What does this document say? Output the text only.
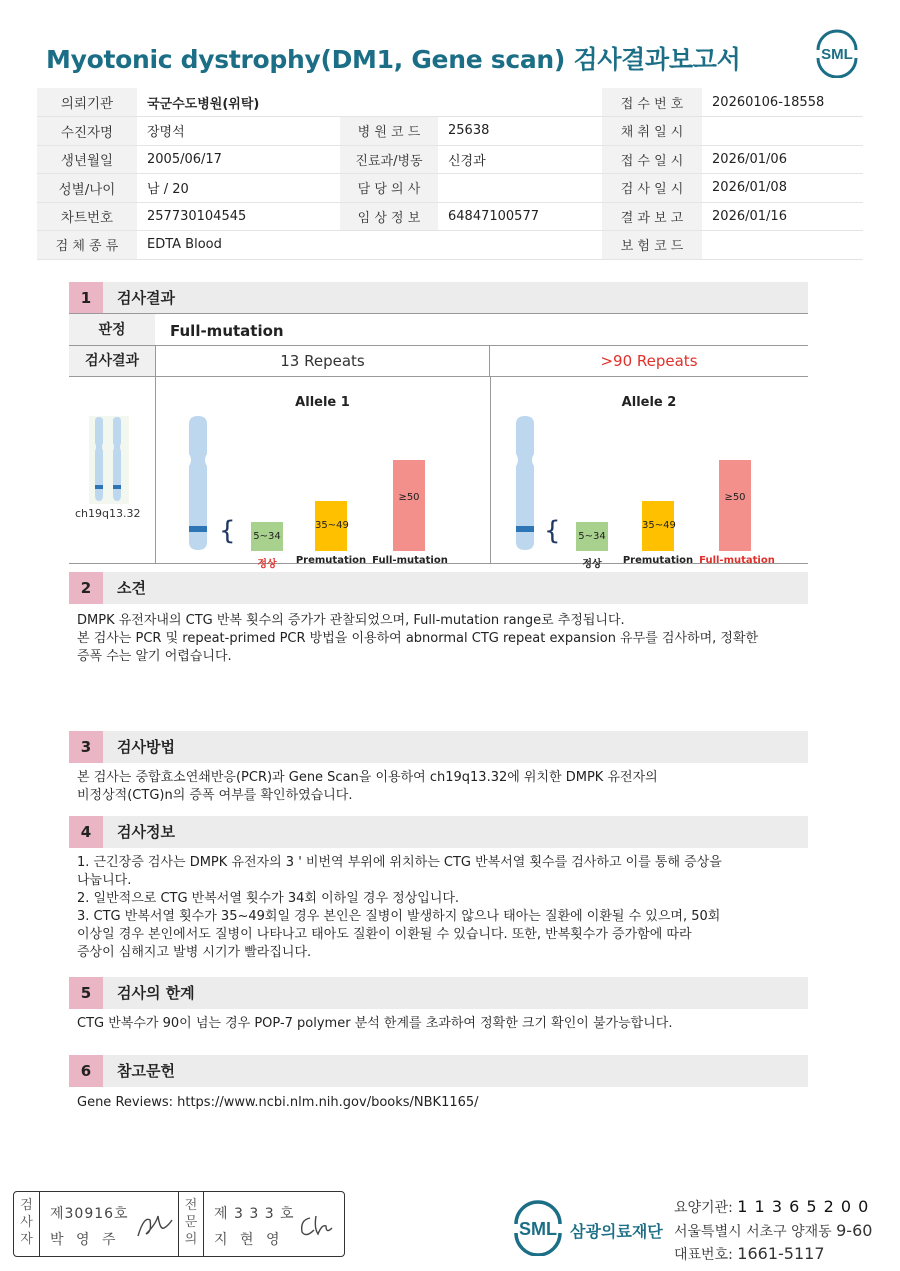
Myotonic dystrophy(DM1, Gene scan) 검사결과보고서	SML
의뢰기관	국군수도병원(위탁)			접 수 번 호	20260106-18558
수진자명	장명석	병 원 코 드	25638	채 취 일 시	
생년월일	2005/06/17	진료과/병동	신경과	접 수 일 시	2026/01/06
성별/나이	남 / 20	담 당 의 사		검 사 일 시	2026/01/08
차트번호	257730104545	임 상 정 보	64847100577	결 과 보 고	2026/01/16
검 체 종 류	EDTA Blood			보 험 코 드	
1	검사결과
판정	Full-mutation
검사결과	13 Repeats	>90 Repeats
ch19q13.32
Allele 1
{ 5~34
35~49
≥50
정상	Premutation Full-mutation
Allele 2
{ 5~34
35~49
≥50
정상	Premutation Full-mutation
2	소견

DMPK 유전자내의 CTG 반복 횟수의 증가가 관찰되었으며, Full-mutation range로 추정됩니다.

본 검사는 PCR 및 repeat-primed PCR 방법을 이용하여 abnormal CTG repeat expansion 유무를 검사하며, 정확한

증폭 수는 알기 어렵습니다.

3	검사방법

본 검사는 중합효소연쇄반응(PCR)과 Gene Scan을 이용하여 ch19q13.32에 위치한 DMPK 유전자의

비정상적(CTG)n의 증폭 여부를 확인하였습니다.

4	검사정보

1. 근긴장증 검사는 DMPK 유전자의 3 ' 비번역 부위에 위치하는 CTG 반복서열 횟수를 검사하고 이를 통해 증상을

나눕니다.

2. 일반적으로 CTG 반복서열 횟수가 34회 이하일 경우 정상입니다.

3. CTG 반복서열 횟수가 35~49회일 경우 본인은 질병이 발생하지 않으나 태아는 질환에 이환될 수 있으며, 50회

이상일 경우 본인에서도 질병이 나타나고 태아도 질환이 이환될 수 있습니다. 또한, 반복횟수가 증가함에 따라

증상이 심해지고 발병 시기가 빨라집니다.

5	검사의 한계

CTG 반복수가 90이 넘는 경우 POP-7 polymer 분석 한계를 초과하여 정확한 크기 확인이 불가능합니다.

6	참고문헌

Gene Reviews: https://www.ncbi.nlm.nih.gov/books/NBK1165/

검사자
제30916호
박 영 주
전문의
제 3 3 3 호
지 현 영
SML 삼광의료재단
요양기관: 1 1 3 6 5 2 0 0
서울특별시 서초구 양재동 9-60
대표번호: 1661-5117
